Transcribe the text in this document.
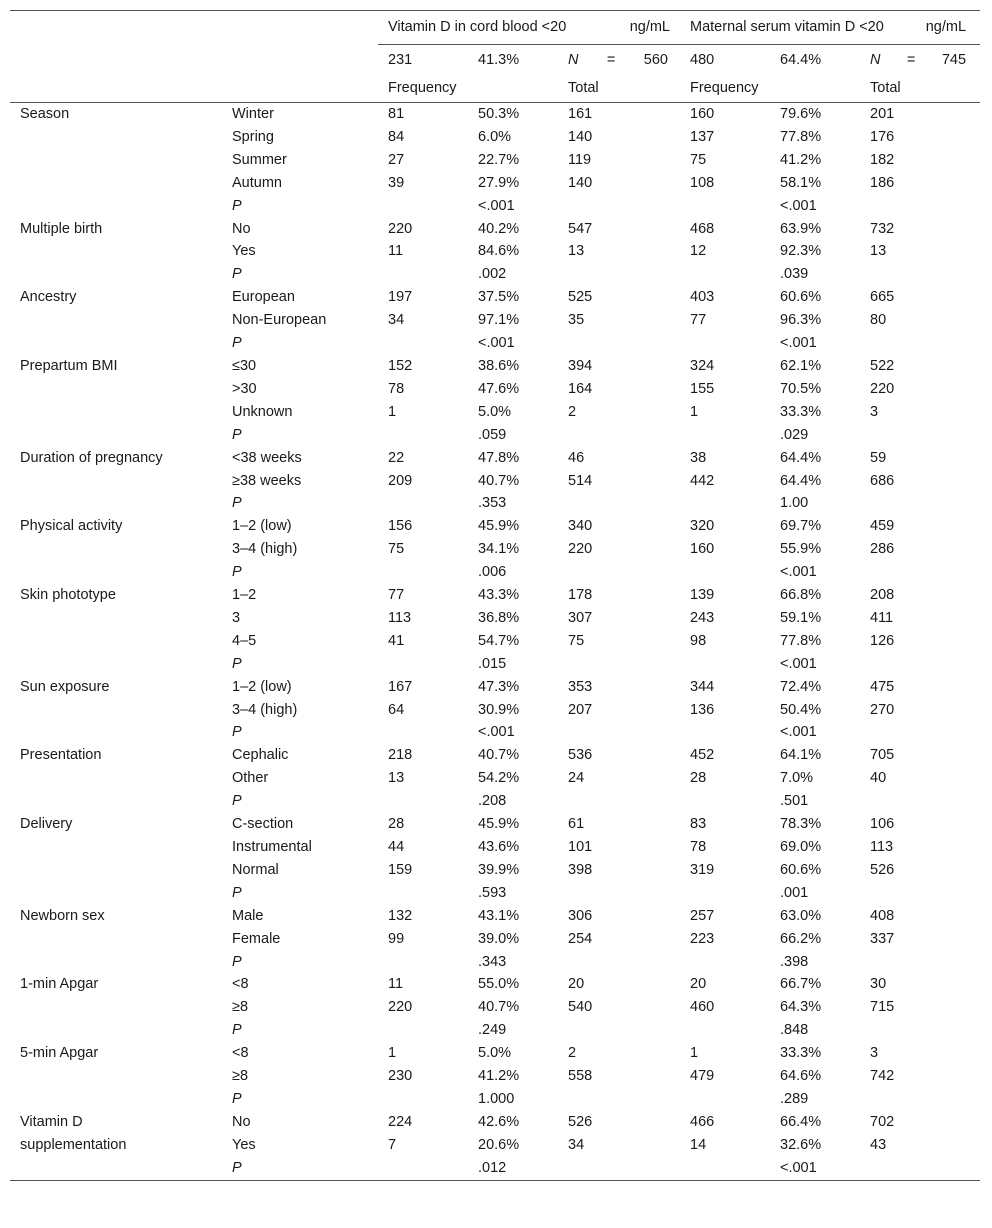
		Vitamin D in cord blood <20 ng/mL			Maternal serum vitamin D <20 ng/mL		

		231	41.3%	N = 560	480	64.4%	N = 745

		Frequency		Total	Frequency		Total
Season	Winter	81	50.3%	161	160	79.6%	201
	Spring	84	6.0%	140	137	77.8%	176
	Summer	27	22.7%	119	75	41.2%	182
	Autumn	39	27.9%	140	108	58.1%	186
	P		<.001			<.001	
Multiple birth	No	220	40.2%	547	468	63.9%	732
	Yes	11	84.6%	13	12	92.3%	13
	P		.002			.039	
Ancestry	European	197	37.5%	525	403	60.6%	665
	Non-European	34	97.1%	35	77	96.3%	80
	P		<.001			<.001	
Prepartum BMI	≤30	152	38.6%	394	324	62.1%	522
	>30	78	47.6%	164	155	70.5%	220
	Unknown	1	5.0%	2	1	33.3%	3
	P		.059			.029	
Duration of pregnancy	<38 weeks	22	47.8%	46	38	64.4%	59
	≥38 weeks	209	40.7%	514	442	64.4%	686
	P		.353			1.00	
Physical activity	1–2 (low)	156	45.9%	340	320	69.7%	459
	3–4 (high)	75	34.1%	220	160	55.9%	286
	P		.006			<.001	
Skin phototype	1–2	77	43.3%	178	139	66.8%	208
	3	113	36.8%	307	243	59.1%	411
	4–5	41	54.7%	75	98	77.8%	126
	P		.015			<.001	
Sun exposure	1–2 (low)	167	47.3%	353	344	72.4%	475
	3–4 (high)	64	30.9%	207	136	50.4%	270
	P		<.001			<.001	
Presentation	Cephalic	218	40.7%	536	452	64.1%	705
	Other	13	54.2%	24	28	7.0%	40
	P		.208			.501	
Delivery	C-section	28	45.9%	61	83	78.3%	106
	Instrumental	44	43.6%	101	78	69.0%	113
	Normal	159	39.9%	398	319	60.6%	526
	P		.593			.001	
Newborn sex	Male	132	43.1%	306	257	63.0%	408
	Female	99	39.0%	254	223	66.2%	337
	P		.343			.398	
1-min Apgar	<8	11	55.0%	20	20	66.7%	30
	≥8	220	40.7%	540	460	64.3%	715
	P		.249			.848	
5-min Apgar	<8	1	5.0%	2	1	33.3%	3
	≥8	230	41.2%	558	479	64.6%	742
	P		1.000			.289	
Vitamin D supplementation	No	224	42.6%	526	466	66.4%	702
	Yes	7	20.6%	34	14	32.6%	43
	P		.012			<.001	
